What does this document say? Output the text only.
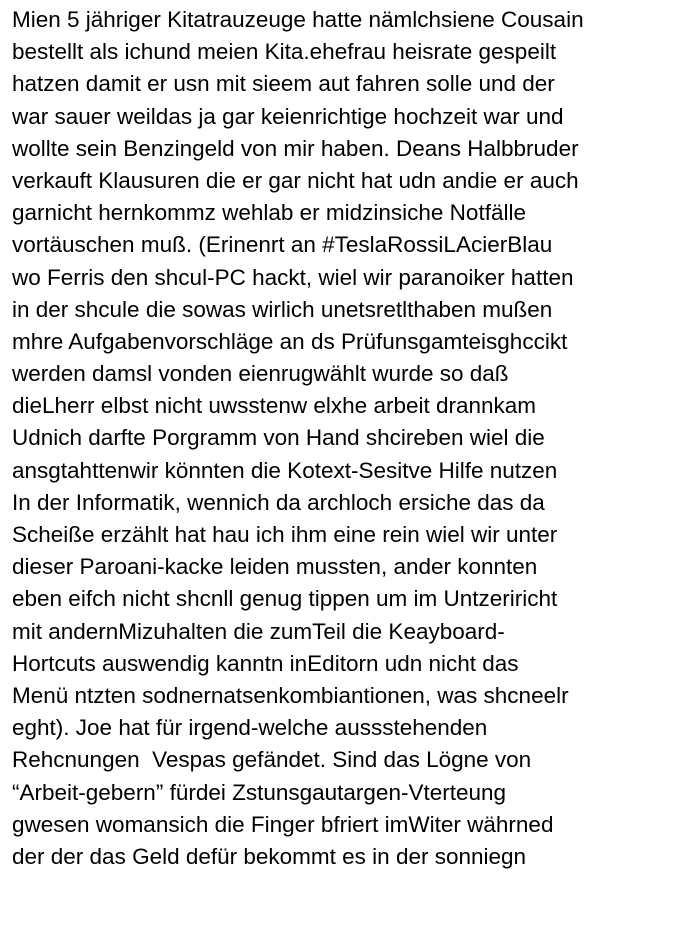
Mien 5 jähriger Kitatrauzeuge hatte nämlchsiene Cousain
bestellt als ichund meien Kita.ehefrau heisrate gespeilt
hatzen damit er usn mit sieem aut fahren solle und der
war sauer weildas ja gar keienrichtige hochzeit war und
wollte sein Benzingeld von mir haben. Deans Halbbruder
verkauft Klausuren die er gar nicht hat udn andie er auch
garnicht hernkommz wehlab er midzinsiche Notfälle
vortäuschen muß. (Erinenrt an #TeslaRossiLAcierBlau
wo Ferris den shcul-PC hackt, wiel wir paranoiker hatten
in der shcule die sowas wirlich unetsretlthaben mußen
mhre Aufgabenvorschläge an ds Prüfunsgamteisghccikt
werden damsl vonden eienrugwählt wurde so daß
dieLherr elbst nicht uwsstenw elxhe arbeit drannkam
Udnich darfte Porgramm von Hand shcireben wiel die
ansgtahttenwir könnten die Kotext-Sesitve Hilfe nutzen
In der Informatik, wennich da archloch ersiche das da
Scheiße erzählt hat hau ich ihm eine rein wiel wir unter
dieser Paroani-kacke leiden mussten, ander konnten
eben eifch nicht shcnll genug tippen um im Untzeriricht
mit andernMizuhalten die zumTeil die Keayboard-
Hortcuts auswendig kanntn inEditorn udn nicht das
Menü ntzten sodnernatsenkombiantionen, was shcneelr
eght). Joe hat für irgend-welche aussstehenden
Rehcnungen  Vespas gefändet. Sind das Lögne von
“Arbeit-gebern” fürdei Zstunsgautargen-Vterteung
gwesen womansich die Finger bfriert imWiter währned
der der das Geld defür bekommt es in der sonniegn
